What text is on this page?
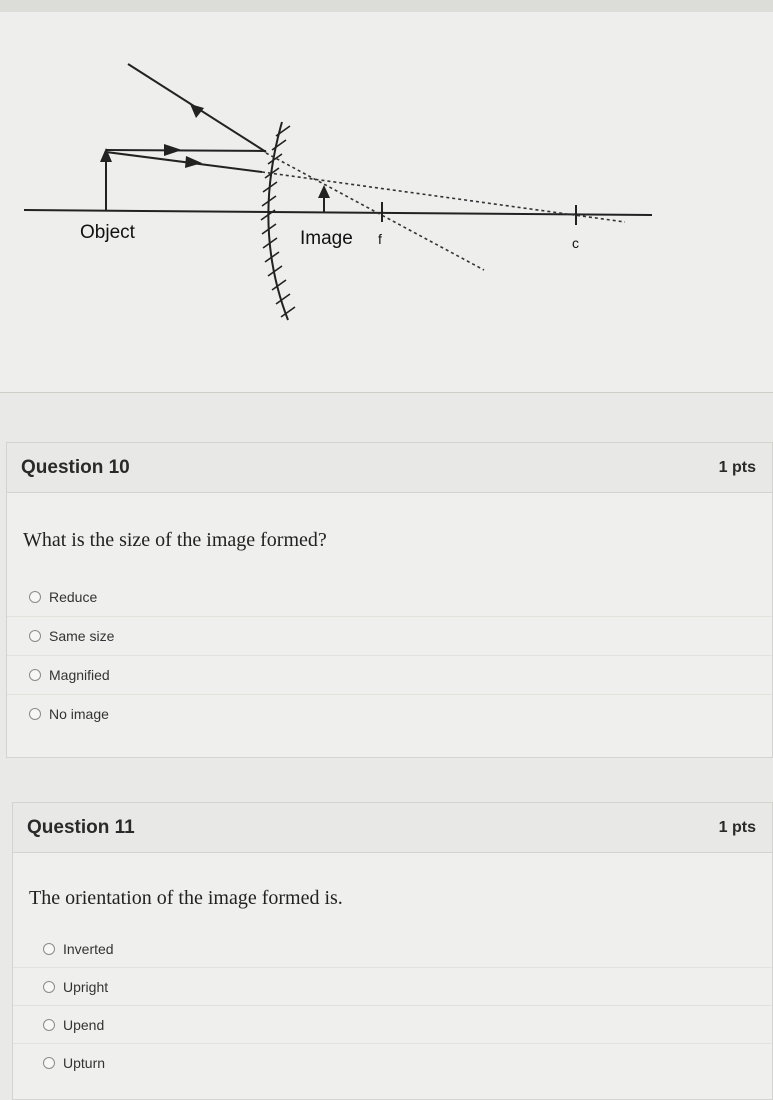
Object	Image f	c
Question 10	1 pts
What is the size of the image formed?
Reduce
Same size
Magnified
No image
Question 11	1 pts
The orientation of the image formed is.
Inverted
Upright
Upend
Upturn
